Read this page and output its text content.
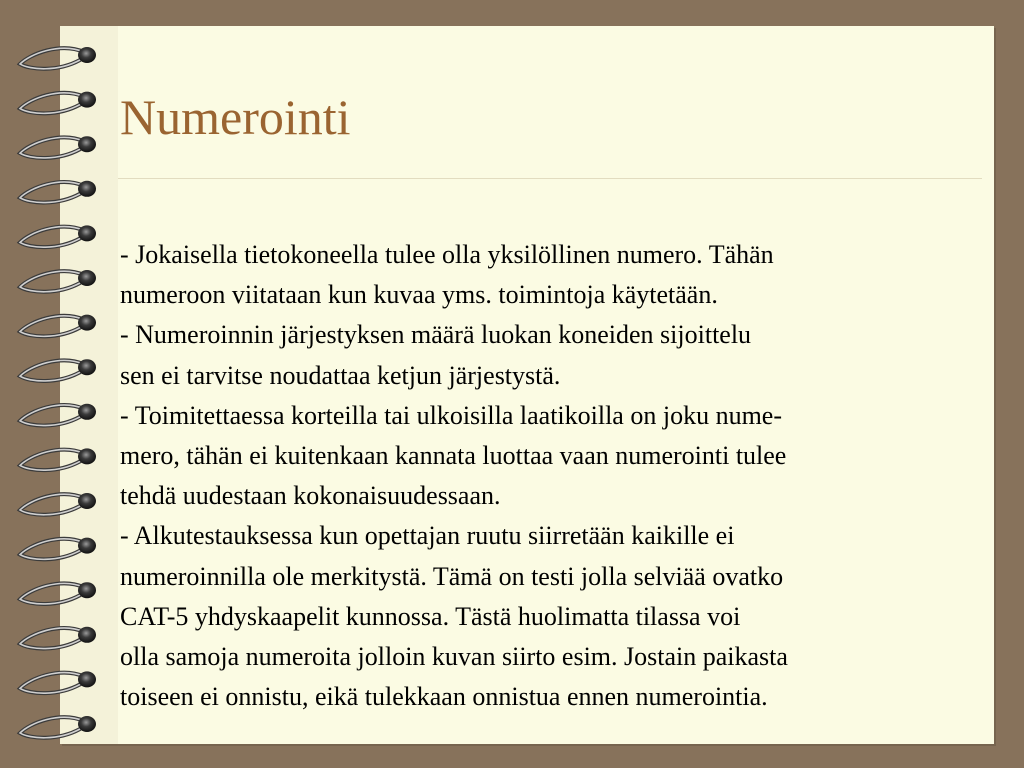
Numerointi
- Jokaisella tietokoneella tulee olla yksilöllinen numero. Tähän
numeroon viitataan kun kuvaa yms. toimintoja käytetään.
- Numeroinnin järjestyksen määrä luokan koneiden sijoittelu
sen ei tarvitse noudattaa ketjun järjestystä.
- Toimitettaessa korteilla tai ulkoisilla laatikoilla on joku nume-
mero, tähän ei kuitenkaan kannata luottaa vaan numerointi tulee
tehdä uudestaan kokonaisuudessaan.
- Alkutestauksessa kun opettajan ruutu siirretään kaikille ei
numeroinnilla ole merkitystä. Tämä on testi jolla selviää ovatko
CAT-5 yhdyskaapelit kunnossa. Tästä huolimatta tilassa voi
olla samoja numeroita jolloin kuvan siirto esim. Jostain paikasta
toiseen ei onnistu, eikä tulekkaan onnistua ennen numerointia.
